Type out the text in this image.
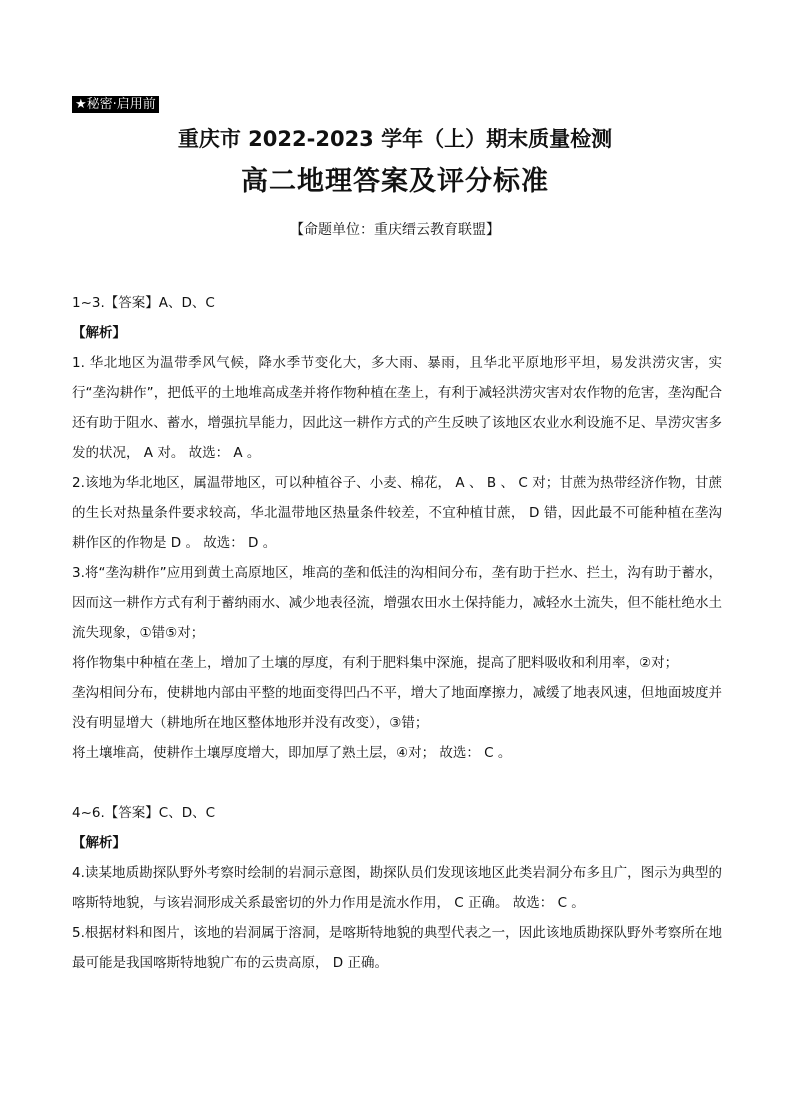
★秘密·启用前
重庆市 2022-2023 学年（上）期末质量检测
高二地理答案及评分标准
【命题单位：重庆缙云教育联盟】

1~3.【答案】A、D、C

【解析】

1. 华北地区为温带季风气候，降水季节变化大，多大雨、暴雨，且华北平原地形平坦，易发洪涝灾害，实行“垄沟耕作”，把低平的土地堆高成垄并将作物种植在垄上，有利于减轻洪涝灾害对农作物的危害，垄沟配合还有助于阻水、蓄水，增强抗旱能力，因此这一耕作方式的产生反映了该地区农业水利设施不足、旱涝灾害多发的状况， A 对。 故选： A 。

2.该地为华北地区，属温带地区，可以种植谷子、小麦、棉花， A 、 B 、 C 对；甘蔗为热带经济作物，甘蔗的生长对热量条件要求较高，华北温带地区热量条件较差，不宜种植甘蔗， D 错，因此最不可能种植在垄沟耕作区的作物是 D 。 故选： D 。

3.将“垄沟耕作”应用到黄土高原地区，堆高的垄和低洼的沟相间分布，垄有助于拦水、拦土，沟有助于蓄水，因而这一耕作方式有利于蓄纳雨水、减少地表径流，增强农田水土保持能力，减轻水土流失，但不能杜绝水土流失现象，①错⑤对；

将作物集中种植在垄上，增加了土壤的厚度，有利于肥料集中深施，提高了肥料吸收和利用率，②对；

垄沟相间分布，使耕地内部由平整的地面变得凹凸不平，增大了地面摩擦力，减缓了地表风速，但地面坡度并没有明显增大（耕地所在地区整体地形并没有改变），③错；

将土壤堆高，使耕作土壤厚度增大，即加厚了熟土层，④对； 故选： C 。

4~6.【答案】C、D、C

【解析】

4.读某地质勘探队野外考察时绘制的岩洞示意图，勘探队员们发现该地区此类岩洞分布多且广，图示为典型的喀斯特地貌，与该岩洞形成关系最密切的外力作用是流水作用， C 正确。 故选： C 。

5.根据材料和图片，该地的岩洞属于溶洞，是喀斯特地貌的典型代表之一，因此该地质勘探队野外考察所在地最可能是我国喀斯特地貌广布的云贵高原， D 正确。
